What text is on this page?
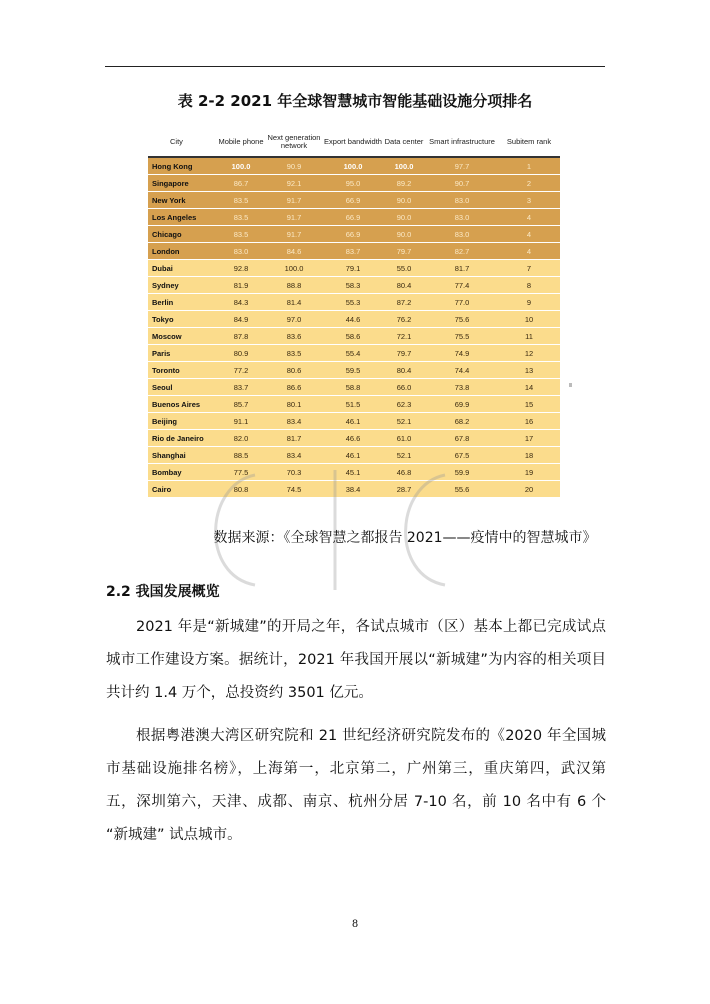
表 2-2 2021 年全球智慧城市智能基础设施分项排名
City	Mobile phone	Next generation network	Export bandwidth	Data center	Smart infrastructure	Subitem rank
Hong Kong	100.0	90.9	100.0	100.0	97.7	1
Singapore	86.7	92.1	95.0	89.2	90.7	2
New York	83.5	91.7	66.9	90.0	83.0	3
Los Angeles	83.5	91.7	66.9	90.0	83.0	4
Chicago	83.5	91.7	66.9	90.0	83.0	4
London	83.0	84.6	83.7	79.7	82.7	4
Dubai	92.8	100.0	79.1	55.0	81.7	7
Sydney	81.9	88.8	58.3	80.4	77.4	8
Berlin	84.3	81.4	55.3	87.2	77.0	9
Tokyo	84.9	97.0	44.6	76.2	75.6	10
Moscow	87.8	83.6	58.6	72.1	75.5	11
Paris	80.9	83.5	55.4	79.7	74.9	12
Toronto	77.2	80.6	59.5	80.4	74.4	13
Seoul	83.7	86.6	58.8	66.0	73.8	14
Buenos Aires	85.7	80.1	51.5	62.3	69.9	15
Beijing	91.1	83.4	46.1	52.1	68.2	16
Rio de Janeiro	82.0	81.7	46.6	61.0	67.8	17
Shanghai	88.5	83.4	46.1	52.1	67.5	18
Bombay	77.5	70.3	45.1	46.8	59.9	19
Cairo	80.8	74.5	38.4	28.7	55.6	20
数据来源：《全球智慧之都报告 2021——疫情中的智慧城市》
2.2 我国发展概览
2021 年是“新城建”的开局之年，各试点城市（区）基本上都已完成试点城市工作建设方案。据统计，2021 年我国开展以“新城建”为内容的相关项目共计约 1.4 万个，总投资约 3501 亿元。
根据粤港澳大湾区研究院和 21 世纪经济研究院发布的《2020 年全国城市基础设施排名榜》，上海第一，北京第二，广州第三，重庆第四，武汉第五，深圳第六，天津、成都、南京、杭州分居 7-10 名，前 10 名中有 6 个 “新城建” 试点城市。
8
